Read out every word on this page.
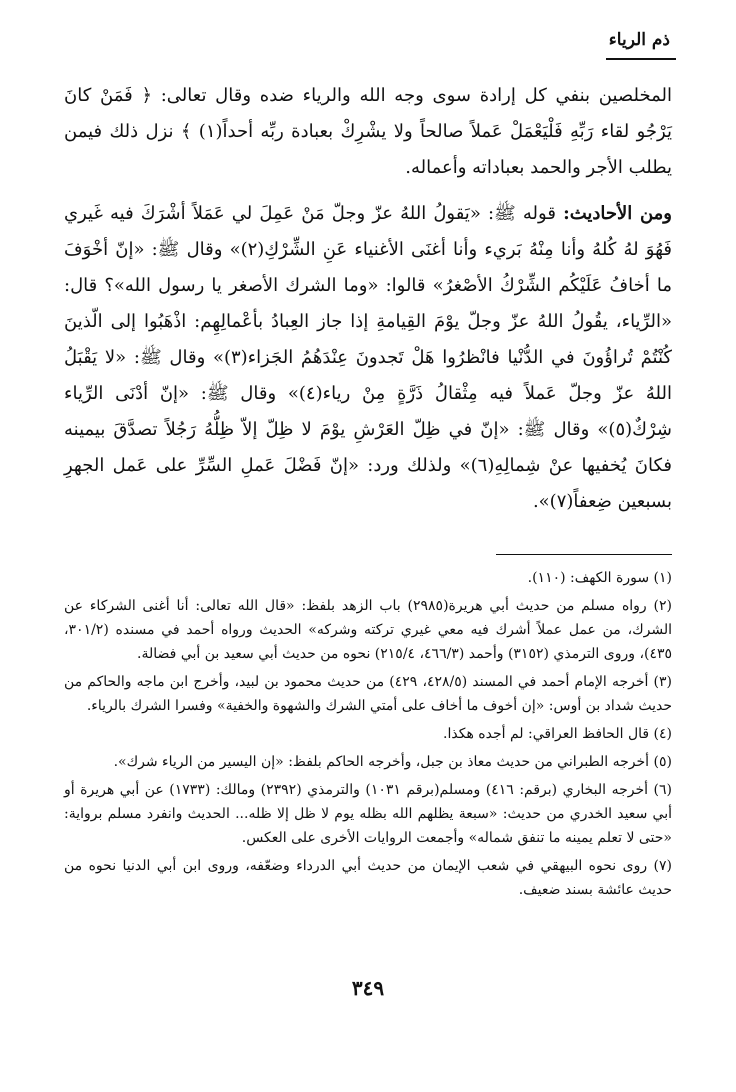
ذم الرياء

المخلصين بنفي كل إرادة سوى وجه الله والرياء ضده وقال تعالى: ﴿ فَمَنْ كانَ يَرْجُو لقاء رَبِّهِ فَلْيَعْمَلْ عَملاً صالحاً ولا يشْرِكْ بعبادة ربِّه أحداً(١) ﴾ نزل ذلك فيمن يطلب الأجر والحمد بعباداته وأعماله.

ومن الأحاديث: قوله ﷺ: «يَقولُ اللهُ عزّ وجلّ مَنْ عَمِلَ لي عَمَلاً أشْرَكَ فيه غَيري فَهُوَ لهُ كُلهُ وأنا مِنْهُ بَريء وأنا أغنَى الأغنياء عَنِ الشِّرْكِ(٢)» وقال ﷺ: «إنّ أخْوَفَ ما أخافُ عَلَيْكُم الشِّرْكُ الأصْغرُ» قالوا: «وما الشرك الأصغر يا رسول الله»؟ قال: «الرِّياء، يقُولُ اللهُ عزّ وجلّ يوْمَ القِيامةِ إذا جاز العِبادُ بأعْمالِهِم: اذْهَبُوا إلى الّذينَ كُنْتُمْ تُراؤُونَ في الدُّنْيا فانْظرُوا هَلْ تَجدونَ عِنْدَهُمُ الجَزاء(٣)» وقال ﷺ: «لا يَقْبَلُ اللهُ عزّ وجلّ عَملاً فيه مِثْقالُ ذَرَّةٍ مِنْ رياء(٤)» وقال ﷺ: «إنّ أدْنَى الرِّياء شِرْكٌ(٥)» وقال ﷺ: «إنّ في ظِلّ العَرْشِ يوْمَ لا ظِلّ إلاّ ظِلُّهُ رَجُلاً تصدَّقَ بيمينه فكانَ يُخفيها عنْ شِمالِهِ(٦)» ولذلك ورد: «إنّ فَضْلَ عَملِ السِّرِّ على عَمل الجهرِ بسبعين ضِعفاً(٧)».

(١) سورة الكهف: (١١٠).

(٢) رواه مسلم من حديث أبي هريرة(٢٩٨٥) باب الزهد بلفظ: «قال الله تعالى: أنا أغنى الشركاء عن الشرك، من عمل عملاً أشرك فيه معي غيري تركته وشركه» الحديث ورواه أحمد في مسنده (٣٠١/٢، ٤٣٥)، وروى الترمذي (٣١٥٢) وأحمد (٤٦٦/٣، ٢١٥/٤) نحوه من حديث أبي سعيد بن أبي فضالة.

(٣) أخرجه الإمام أحمد في المسند (٤٢٨/٥، ٤٢٩) من حديث محمود بن لبيد، وأخرج ابن ماجه والحاكم من حديث شداد بن أوس: «إن أخوف ما أخاف على أمتي الشرك والشهوة والخفية» وفسرا الشرك بالرياء.

(٤) قال الحافظ العراقي: لم أجده هكذا.

(٥) أخرجه الطبراني من حديث معاذ بن جبل، وأخرجه الحاكم بلفظ: «إن اليسير من الرياء شرك».

(٦) أخرجه البخاري (برقم: ٤١٦) ومسلم(برقم ١٠٣١) والترمذي (٢٣٩٢) ومالك: (١٧٣٣) عن أبي هريرة أو أبي سعيد الخدري من حديث: «سبعة يظلهم الله بظله يوم لا ظل إلا ظله... الحديث وانفرد مسلم برواية: «حتى لا تعلم يمينه ما تنفق شماله» وأجمعت الروايات الأخرى على العكس.

(٧) روى نحوه البيهقي في شعب الإيمان من حديث أبي الدرداء وضعّفه، وروى ابن أبي الدنيا نحوه من حديث عائشة بسند ضعيف.

٣٤٩
